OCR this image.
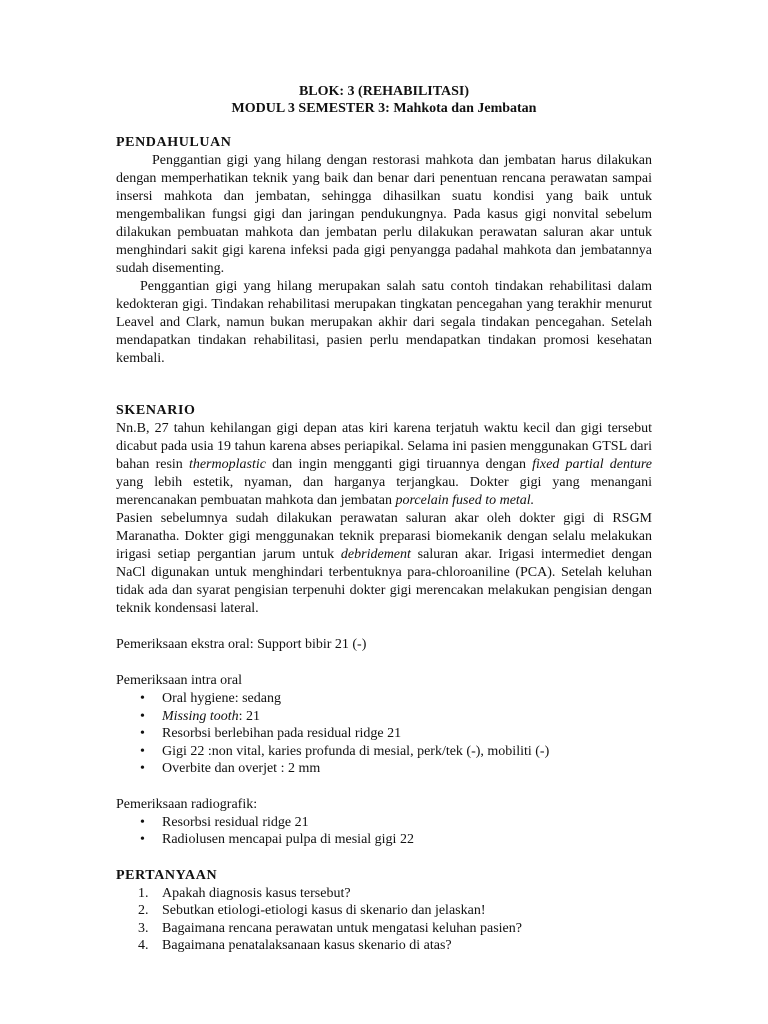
BLOK: 3 (REHABILITASI)
MODUL 3 SEMESTER 3: Mahkota dan Jembatan
PENDAHULUAN

Penggantian gigi yang hilang dengan restorasi mahkota dan jembatan harus dilakukan dengan memperhatikan teknik yang baik dan benar dari penentuan rencana perawatan sampai insersi mahkota dan jembatan, sehingga dihasilkan suatu kondisi yang baik untuk mengembalikan fungsi gigi dan jaringan pendukungnya. Pada kasus gigi nonvital sebelum dilakukan pembuatan mahkota dan jembatan perlu dilakukan perawatan saluran akar untuk menghindari sakit gigi karena infeksi pada gigi penyangga padahal mahkota dan jembatannya sudah disementing.

Penggantian gigi yang hilang merupakan salah satu contoh tindakan rehabilitasi dalam kedokteran gigi. Tindakan rehabilitasi merupakan tingkatan pencegahan yang terakhir menurut Leavel and Clark, namun bukan merupakan akhir dari segala tindakan pencegahan. Setelah mendapatkan tindakan rehabilitasi, pasien perlu mendapatkan tindakan promosi kesehatan kembali.

SKENARIO

Nn.B, 27 tahun kehilangan gigi depan atas kiri karena terjatuh waktu kecil dan gigi tersebut dicabut pada usia 19 tahun karena abses periapikal. Selama ini pasien menggunakan GTSL dari bahan resin thermoplastic dan ingin mengganti gigi tiruannya dengan fixed partial denture yang lebih estetik, nyaman, dan harganya terjangkau. Dokter gigi yang menangani merencanakan pembuatan mahkota dan jembatan porcelain fused to metal.

Pasien sebelumnya sudah dilakukan perawatan saluran akar oleh dokter gigi di RSGM Maranatha. Dokter gigi menggunakan teknik preparasi biomekanik dengan selalu melakukan irigasi setiap pergantian jarum untuk debridement saluran akar. Irigasi intermediet dengan NaCl digunakan untuk menghindari terbentuknya para-chloroaniline (PCA). Setelah keluhan tidak ada dan syarat pengisian terpenuhi dokter gigi merencakan melakukan pengisian dengan teknik kondensasi lateral.

Pemeriksaan ekstra oral: Support bibir 21 (-)

Pemeriksaan intra oral

• Oral hygiene: sedang
• Missing tooth: 21
• Resorbsi berlebihan pada residual ridge 21
• Gigi 22 :non vital, karies profunda di mesial, perk/tek (-), mobiliti (-)
• Overbite dan overjet : 2 mm

Pemeriksaan radiografik:

• Resorbsi residual ridge 21
• Radiolusen mencapai pulpa di mesial gigi 22
PERTANYAAN
1. Apakah diagnosis kasus tersebut?
2. Sebutkan etiologi-etiologi kasus di skenario dan jelaskan!
3. Bagaimana rencana perawatan untuk mengatasi keluhan pasien?
4. Bagaimana penatalaksanaan kasus skenario di atas?
